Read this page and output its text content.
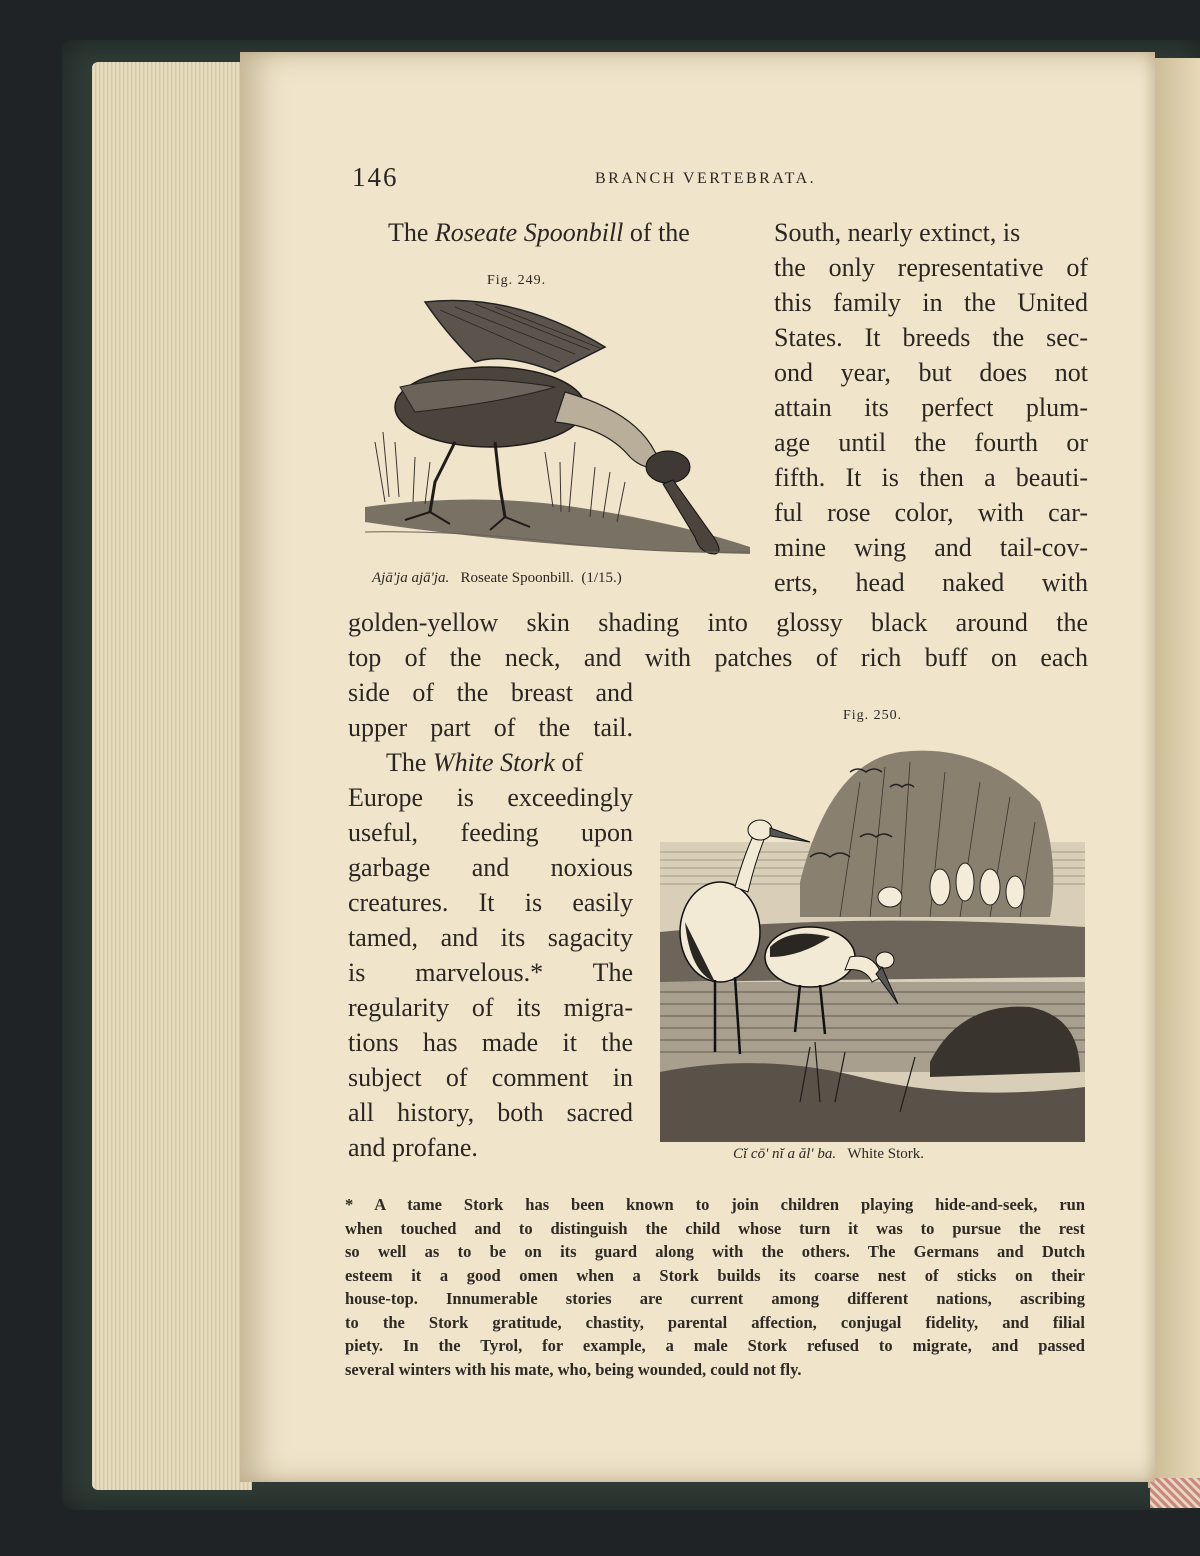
146	BRANCH VERTEBRATA.
The Roseate Spoonbill of the	South, nearly extinct, is
the only representative of
this family in the United
States. It breeds the sec-
ond year, but does not
attain its perfect plum-
age until the fourth or
fifth. It is then a beauti-
ful rose color, with car-
mine wing and tail-cov-
erts, head naked with
golden-yellow skin shading into glossy black around the
top of the neck, and with patches of rich buff on each
side of the breast and
upper part of the tail.
The White Stork of
Europe is exceedingly
useful, feeding upon
garbage and noxious
creatures. It is easily
tamed, and its sagacity
is marvelous.* The
regularity of its migra-
tions has made it the
subject of comment in
all history, both sacred
and profane.
Fig. 249.
Ajā'ja ajā'ja. Roseate Spoonbill. (1/15.)
Fig. 250.
Cĭ cō' nĭ a ăl' ba. White Stork.
* A tame Stork has been known to join children playing hide-and-seek, run
when touched and to distinguish the child whose turn it was to pursue the rest
so well as to be on its guard along with the others. The Germans and Dutch
esteem it a good omen when a Stork builds its coarse nest of sticks on their
house-top. Innumerable stories are current among different nations, ascribing
to the Stork gratitude, chastity, parental affection, conjugal fidelity, and filial
piety. In the Tyrol, for example, a male Stork refused to migrate, and passed
several winters with his mate, who, being wounded, could not fly.
